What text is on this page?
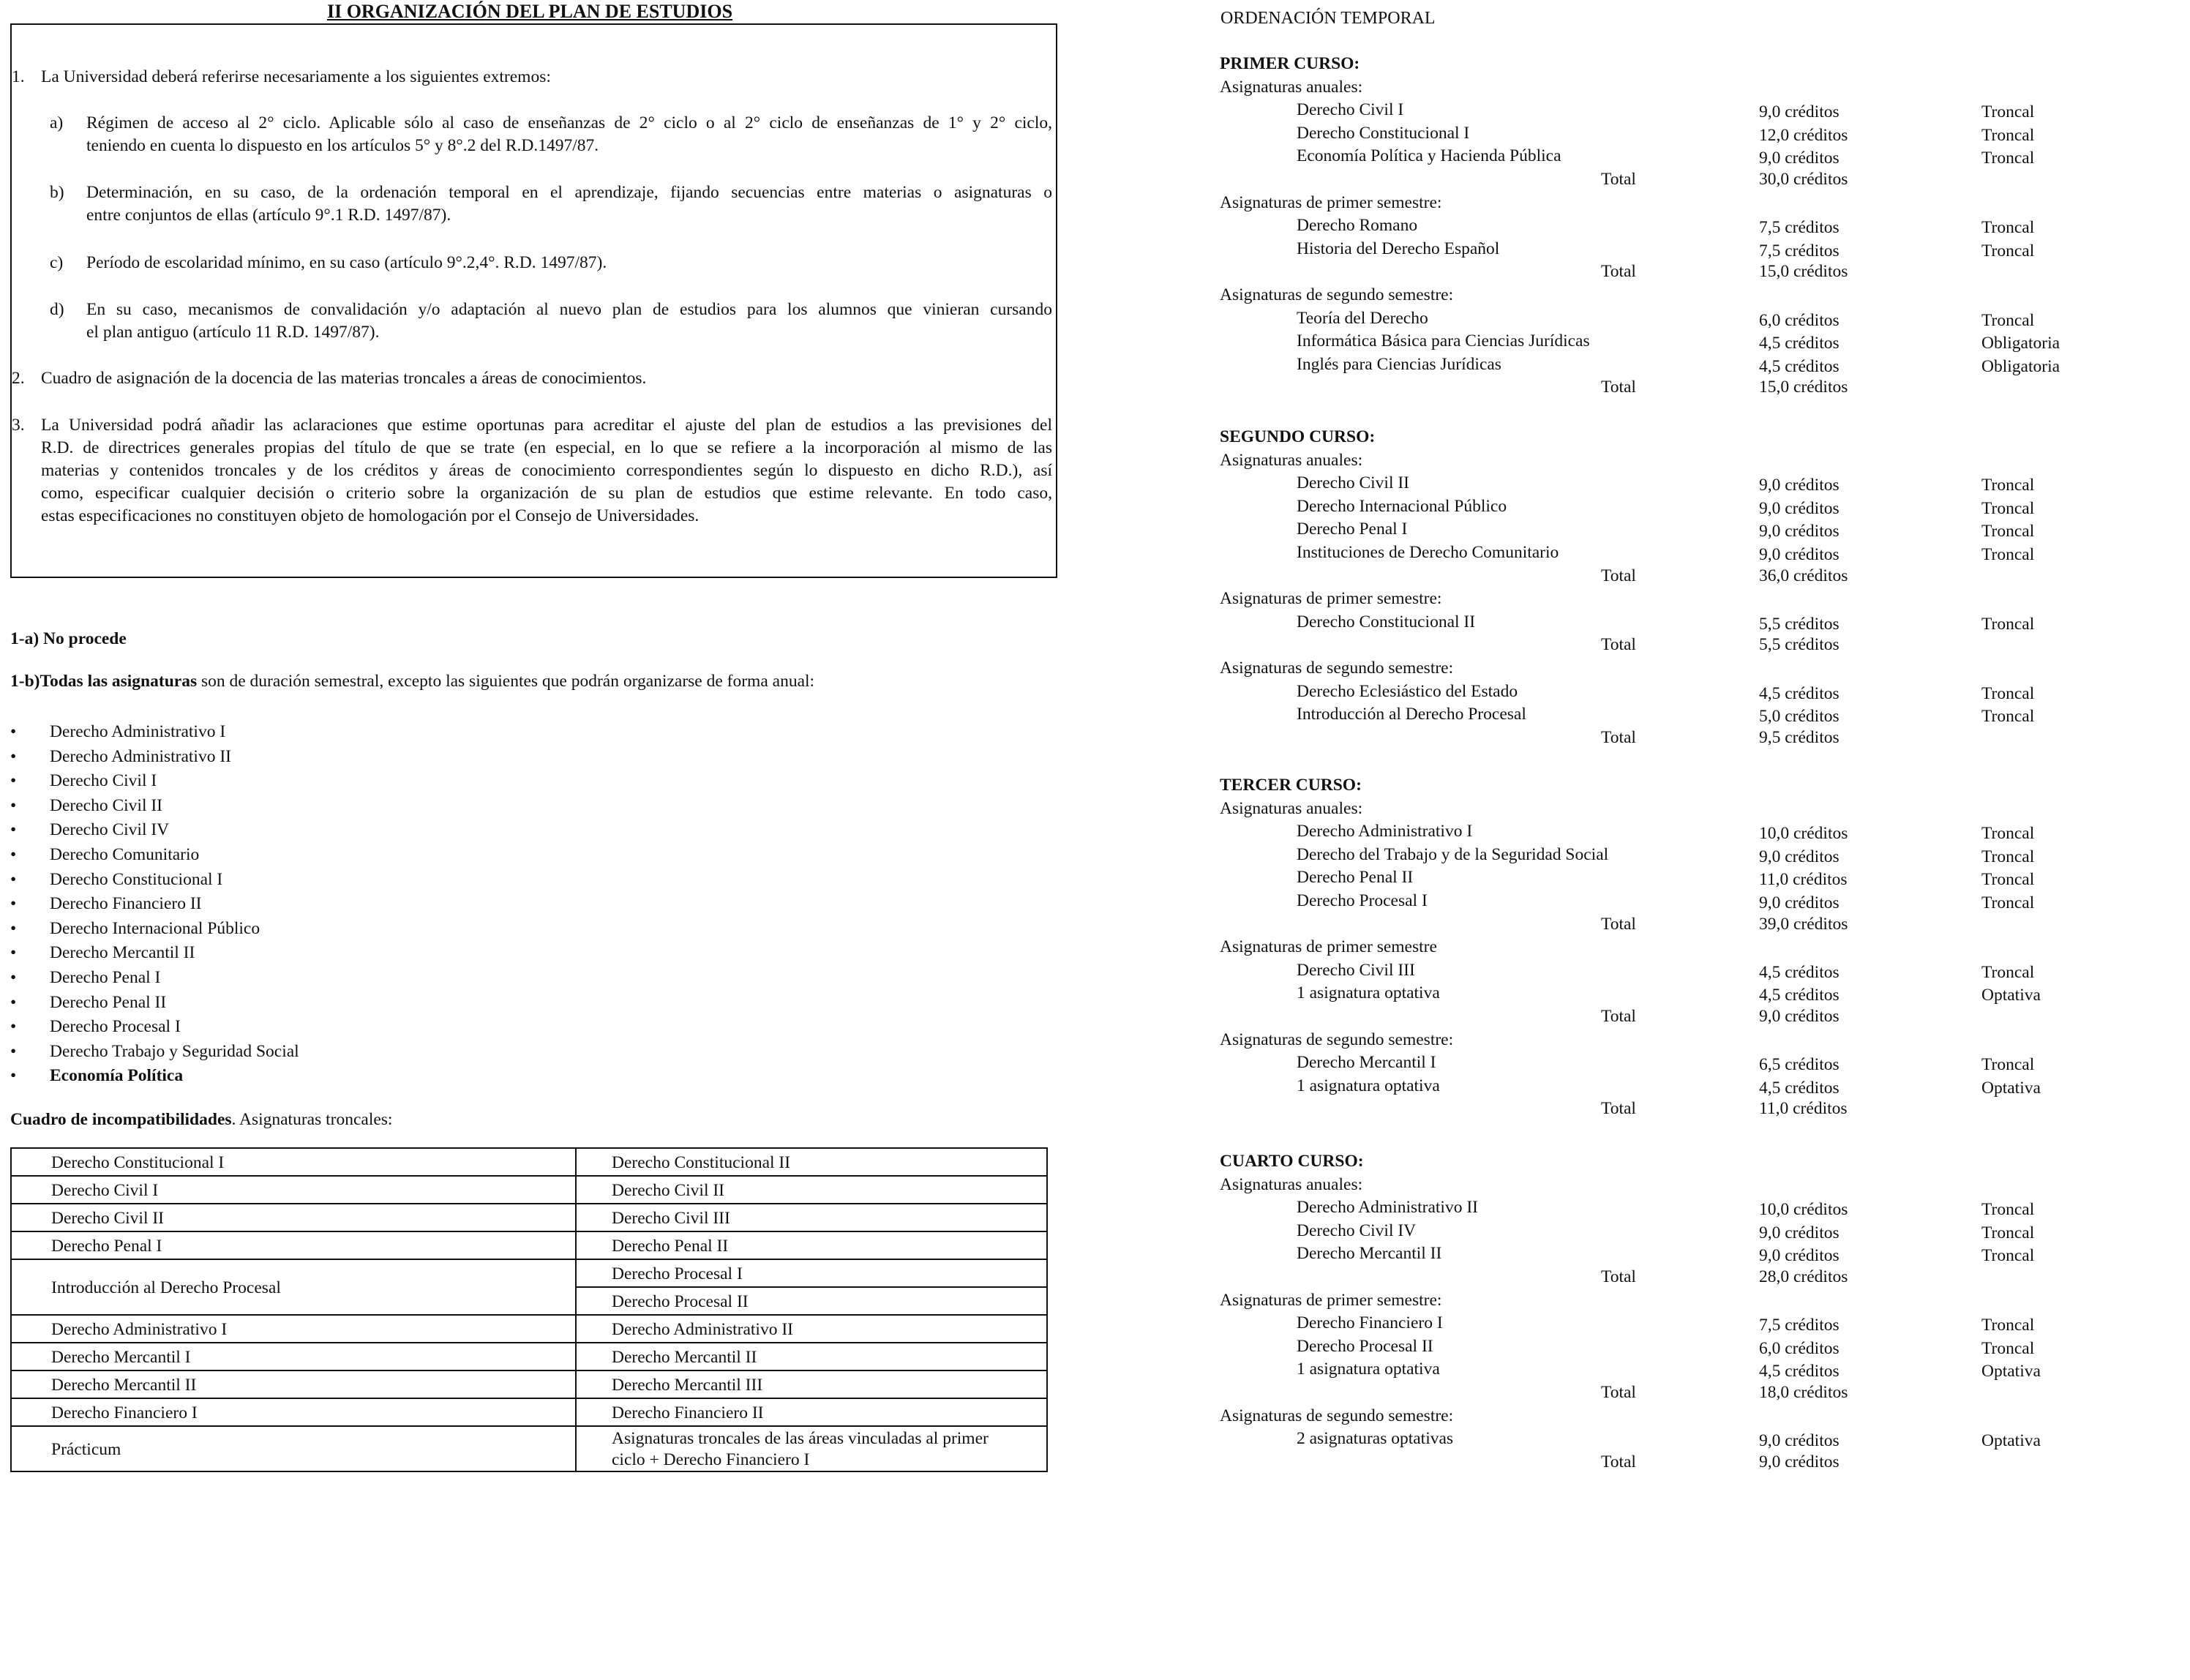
II ORGANIZACIÓN DEL PLAN DE ESTUDIOS
1. La Universidad deberá referirse necesariamente a los siguientes extremos:
a) Régimen de acceso al 2° ciclo. Aplicable sólo al caso de enseñanzas de 2° ciclo o al 2° ciclo de enseñanzas de 1° y 2° ciclo,
teniendo en cuenta lo dispuesto en los artículos 5° y 8°.2 del R.D.1497/87.
b) Determinación, en su caso, de la ordenación temporal en el aprendizaje, fijando secuencias entre materias o asignaturas o
entre conjuntos de ellas (artículo 9°.1 R.D. 1497/87).
c) Período de escolaridad mínimo, en su caso (artículo 9°.2,4°. R.D. 1497/87).
d) En su caso, mecanismos de convalidación y/o adaptación al nuevo plan de estudios para los alumnos que vinieran cursando
el plan antiguo (artículo 11 R.D. 1497/87).
2. Cuadro de asignación de la docencia de las materias troncales a áreas de conocimientos.
3. La Universidad podrá añadir las aclaraciones que estime oportunas para acreditar el ajuste del plan de estudios a las previsiones del
R.D. de directrices generales propias del título de que se trate (en especial, en lo que se refiere a la incorporación al mismo de las
materias y contenidos troncales y de los créditos y áreas de conocimiento correspondientes según lo dispuesto en dicho R.D.), así
como, especificar cualquier decisión o criterio sobre la organización de su plan de estudios que estime relevante. En todo caso,
estas especificaciones no constituyen objeto de homologación por el Consejo de Universidades.
1-a) No procede
1-b)Todas las asignaturas son de duración semestral, excepto las siguientes que podrán organizarse de forma anual:
• Derecho Administrativo I
• Derecho Administrativo II
• Derecho Civil I
• Derecho Civil II
• Derecho Civil IV
• Derecho Comunitario
• Derecho Constitucional I
• Derecho Financiero II
• Derecho Internacional Público
• Derecho Mercantil II
• Derecho Penal I
• Derecho Penal II
• Derecho Procesal I
• Derecho Trabajo y Seguridad Social
• Economía Política
Cuadro de incompatibilidades. Asignaturas troncales:
Derecho Constitucional I	Derecho Constitucional II
Derecho Civil I	Derecho Civil II
Derecho Civil II	Derecho Civil III
Derecho Penal I	Derecho Penal II
Introducción al Derecho Procesal	Derecho Procesal I
	Derecho Procesal II
Derecho Administrativo I	Derecho Administrativo II
Derecho Mercantil I	Derecho Mercantil II
Derecho Mercantil II	Derecho Mercantil III
Derecho Financiero I	Derecho Financiero II
Prácticum	Asignaturas troncales de las áreas vinculadas al primer
ciclo + Derecho Financiero I
ORDENACIÓN TEMPORAL
PRIMER CURSO:
Asignaturas anuales:
Derecho Civil I	9,0 créditos	Troncal
Derecho Constitucional I	12,0 créditos	Troncal
Economía Política y Hacienda Pública	9,0 créditos	Troncal
Total	30,0 créditos
Asignaturas de primer semestre:
Derecho Romano	7,5 créditos	Troncal
Historia del Derecho Español	7,5 créditos	Troncal
Total	15,0 créditos
Asignaturas de segundo semestre:
Teoría del Derecho	6,0 créditos	Troncal
Informática Básica para Ciencias Jurídicas	4,5 créditos	Obligatoria
Inglés para Ciencias Jurídicas	4,5 créditos	Obligatoria
Total	15,0 créditos
SEGUNDO CURSO:
Asignaturas anuales:
Derecho Civil II	9,0 créditos	Troncal
Derecho Internacional Público	9,0 créditos	Troncal
Derecho Penal I	9,0 créditos	Troncal
Instituciones de Derecho Comunitario	9,0 créditos	Troncal
Total	36,0 créditos
Asignaturas de primer semestre:
Derecho Constitucional II	5,5 créditos	Troncal
Total	5,5 créditos
Asignaturas de segundo semestre:
Derecho Eclesiástico del Estado	4,5 créditos	Troncal
Introducción al Derecho Procesal	5,0 créditos	Troncal
Total	9,5 créditos
TERCER CURSO:
Asignaturas anuales:
Derecho Administrativo I	10,0 créditos	Troncal
Derecho del Trabajo y de la Seguridad Social	9,0 créditos	Troncal
Derecho Penal II	11,0 créditos	Troncal
Derecho Procesal I	9,0 créditos	Troncal
Total	39,0 créditos
Asignaturas de primer semestre
Derecho Civil III	4,5 créditos	Troncal
1 asignatura optativa	4,5 créditos	Optativa
Total	9,0 créditos
Asignaturas de segundo semestre:
Derecho Mercantil I	6,5 créditos	Troncal
1 asignatura optativa	4,5 créditos	Optativa
Total	11,0 créditos
CUARTO CURSO:
Asignaturas anuales:
Derecho Administrativo II	10,0 créditos	Troncal
Derecho Civil IV	9,0 créditos	Troncal
Derecho Mercantil II	9,0 créditos	Troncal
Total	28,0 créditos
Asignaturas de primer semestre:
Derecho Financiero I	7,5 créditos	Troncal
Derecho Procesal II	6,0 créditos	Troncal
1 asignatura optativa	4,5 créditos	Optativa
Total	18,0 créditos
Asignaturas de segundo semestre:
2 asignaturas optativas	9,0 créditos	Optativa
Total	9,0 créditos
